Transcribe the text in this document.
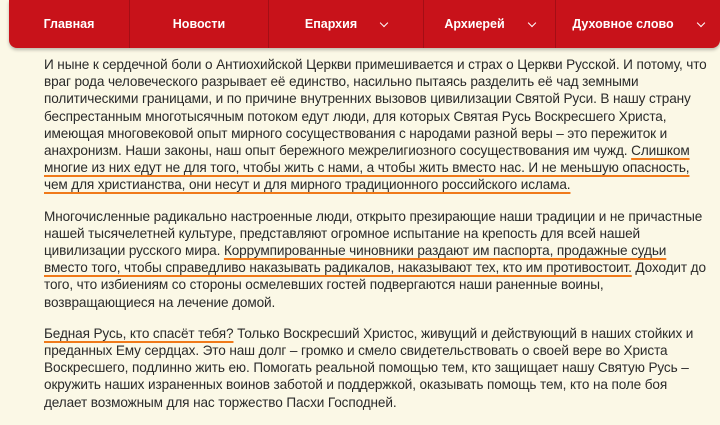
Главная	Новости	Епархия	Архиерей	Духовное слово

И ныне к сердечной боли о Антиохийской Церкви примешивается и страх о Церкви Русской. И потому, что враг рода человеческого разрывает её единство, насильно пытаясь разделить её чад земными политическими границами, и по причине внутренних вызовов цивилизации Святой Руси. В нашу страну беспрестанным многотысячным потоком едут люди, для которых Святая Русь Воскресшего Христа, имеющая многовековой опыт мирного сосуществования с народами разной веры – это пережиток и анахронизм. Наши законы, наш опыт бережного межрелигиозного сосуществования им чужд. Слишком многие из них едут не для того, чтобы жить с нами, а чтобы жить вместо нас. И не меньшую опасность, чем для христианства, они несут и для мирного традиционного российского ислама.

Многочисленные радикально настроенные люди, открыто презирающие наши традиции и не причастные нашей тысячелетней культуре, представляют огромное испытание на крепость для всей нашей цивилизации русского мира. Коррумпированные чиновники раздают им паспорта, продажные судьи вместо того, чтобы справедливо наказывать радикалов, наказывают тех, кто им противостоит. Доходит до того, что избиениям со стороны осмелевших гостей подвергаются наши раненные воины, возвращающиеся на лечение домой.

Бедная Русь, кто спасёт тебя? Только Воскресший Христос, живущий и действующий в наших стойких и преданных Ему сердцах. Это наш долг – громко и смело свидетельствовать о своей вере во Христа Воскресшего, подлинно жить ею. Помогать реальной помощью тем, кто защищает нашу Святую Русь – окружить наших израненных воинов заботой и поддержкой, оказывать помощь тем, кто на поле боя делает возможным для нас торжество Пасхи Господней.
